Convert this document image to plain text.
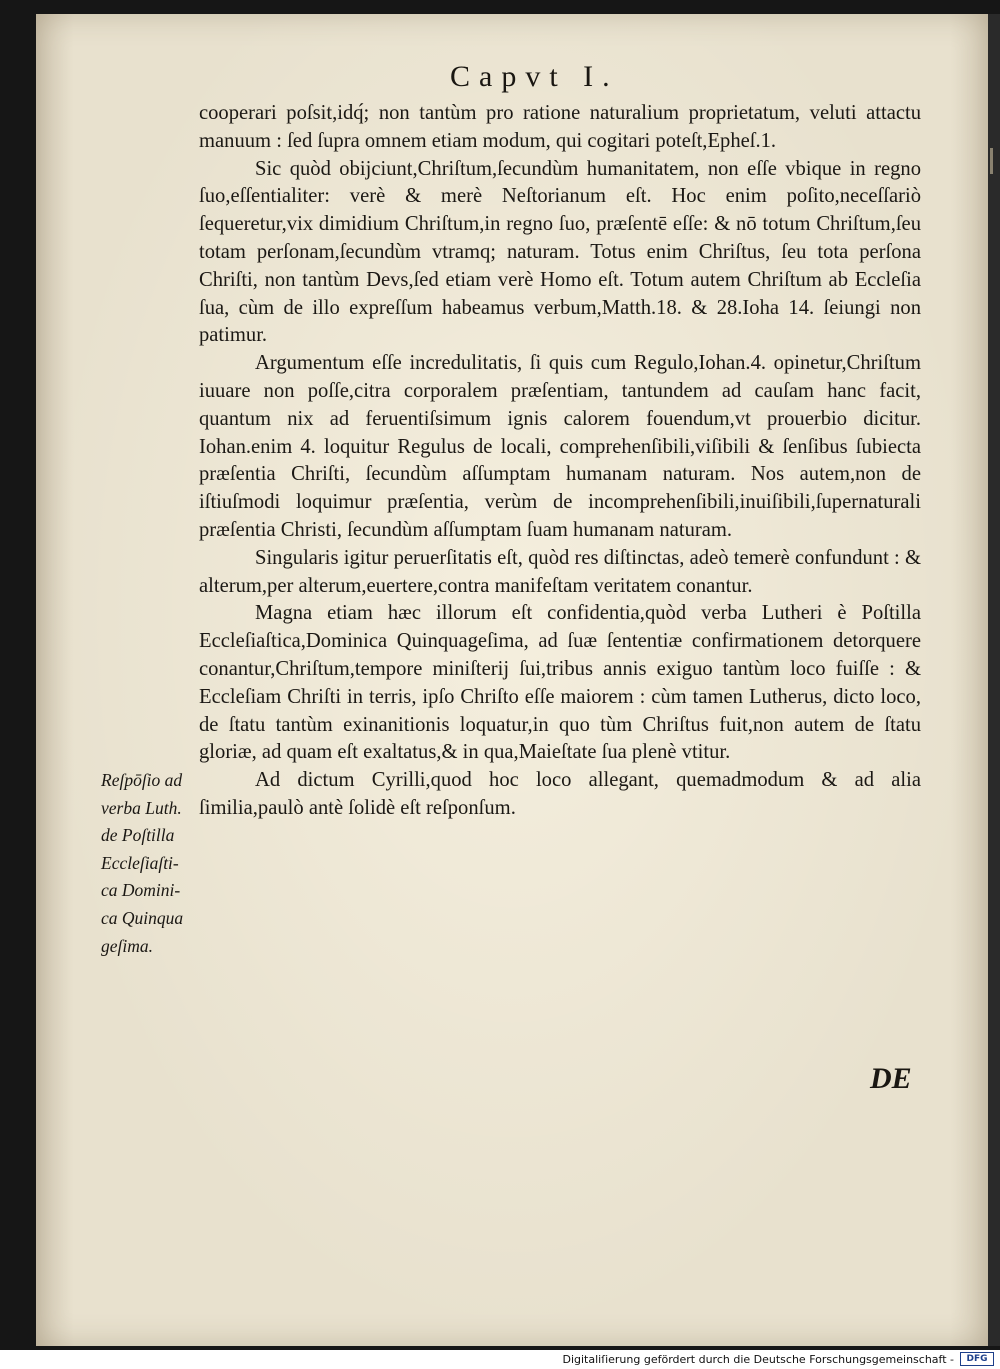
Capvt I.

cooperari poſsit,idq́; non tantùm pro ratione naturalium proprietatum, veluti attactu manuum : ſed ſupra omnem etiam modum, qui cogitari poteſt,Epheſ.1.

Sic quòd obijciunt,Chriſtum,ſecundùm humanitatem, non eſſe vbique in regno ſuo,eſſentialiter: verè & merè Neſtorianum eſt. Hoc enim poſito,neceſſariò ſequeretur,vix dimidium Chriſtum,in regno ſuo, præſentē eſſe: & nō totum Chriſtum,ſeu totam perſonam,ſecundùm vtramq; naturam. Totus enim Chriſtus, ſeu tota perſona Chriſti, non tantùm Devs,ſed etiam verè Homo eſt. Totum autem Chriſtum ab Eccleſia ſua, cùm de illo expreſſum habeamus verbum,Matth.18. & 28.Ioha 14. ſeiungi non patimur.

Argumentum eſſe incredulitatis, ſi quis cum Regulo,Iohan.4. opinetur,Chriſtum iuuare non poſſe,citra corporalem præſentiam, tantundem ad cauſam hanc facit, quantum nix ad feruentiſsimum ignis calorem fouendum,vt prouerbio dicitur. Iohan.enim 4. loquitur Regulus de locali, comprehenſibili,viſibili & ſenſibus ſubiecta præſentia Chriſti, ſecundùm aſſumptam humanam naturam. Nos autem,non de iſtiuſmodi loquimur præſentia, verùm de incomprehenſibili,inuiſibili,ſupernaturali præſentia Christi, ſecundùm aſſumptam ſuam humanam naturam.

Singularis igitur peruerſitatis eſt, quòd res diſtinctas, adeò temerè confundunt : & alterum,per alterum,euertere,contra manifeſtam veritatem conantur.

Magna etiam hæc illorum eſt confidentia,quòd verba Lutheri è Poſtilla Eccleſiaſtica,Dominica Quinquageſima, ad ſuæ ſententiæ confirmationem detorquere conantur,Chriſtum,tempore miniſterij ſui,tribus annis exiguo tantùm loco fuiſſe : & Eccleſiam Chriſti in terris, ipſo Chriſto eſſe maiorem : cùm tamen Lutherus, dicto loco, de ſtatu tantùm exinanitionis loquatur,in quo tùm Chriſtus fuit,non autem de ſtatu gloriæ, ad quam eſt exaltatus,& in qua,Maieſtate ſua plenè vtitur.

Ad dictum Cyrilli,quod hoc loco allegant, quemadmodum & ad alia ſimilia,paulò antè ſolidè eſt reſponſum.

Reſpōſio ad
verba Luth.
de Poſtilla
Eccleſiaſti-
ca Domini-
ca Quinqua
geſima.
DE
Digitaliſierung gefördert durch die Deutsche Forschungsgemeinschaft -	DFG
